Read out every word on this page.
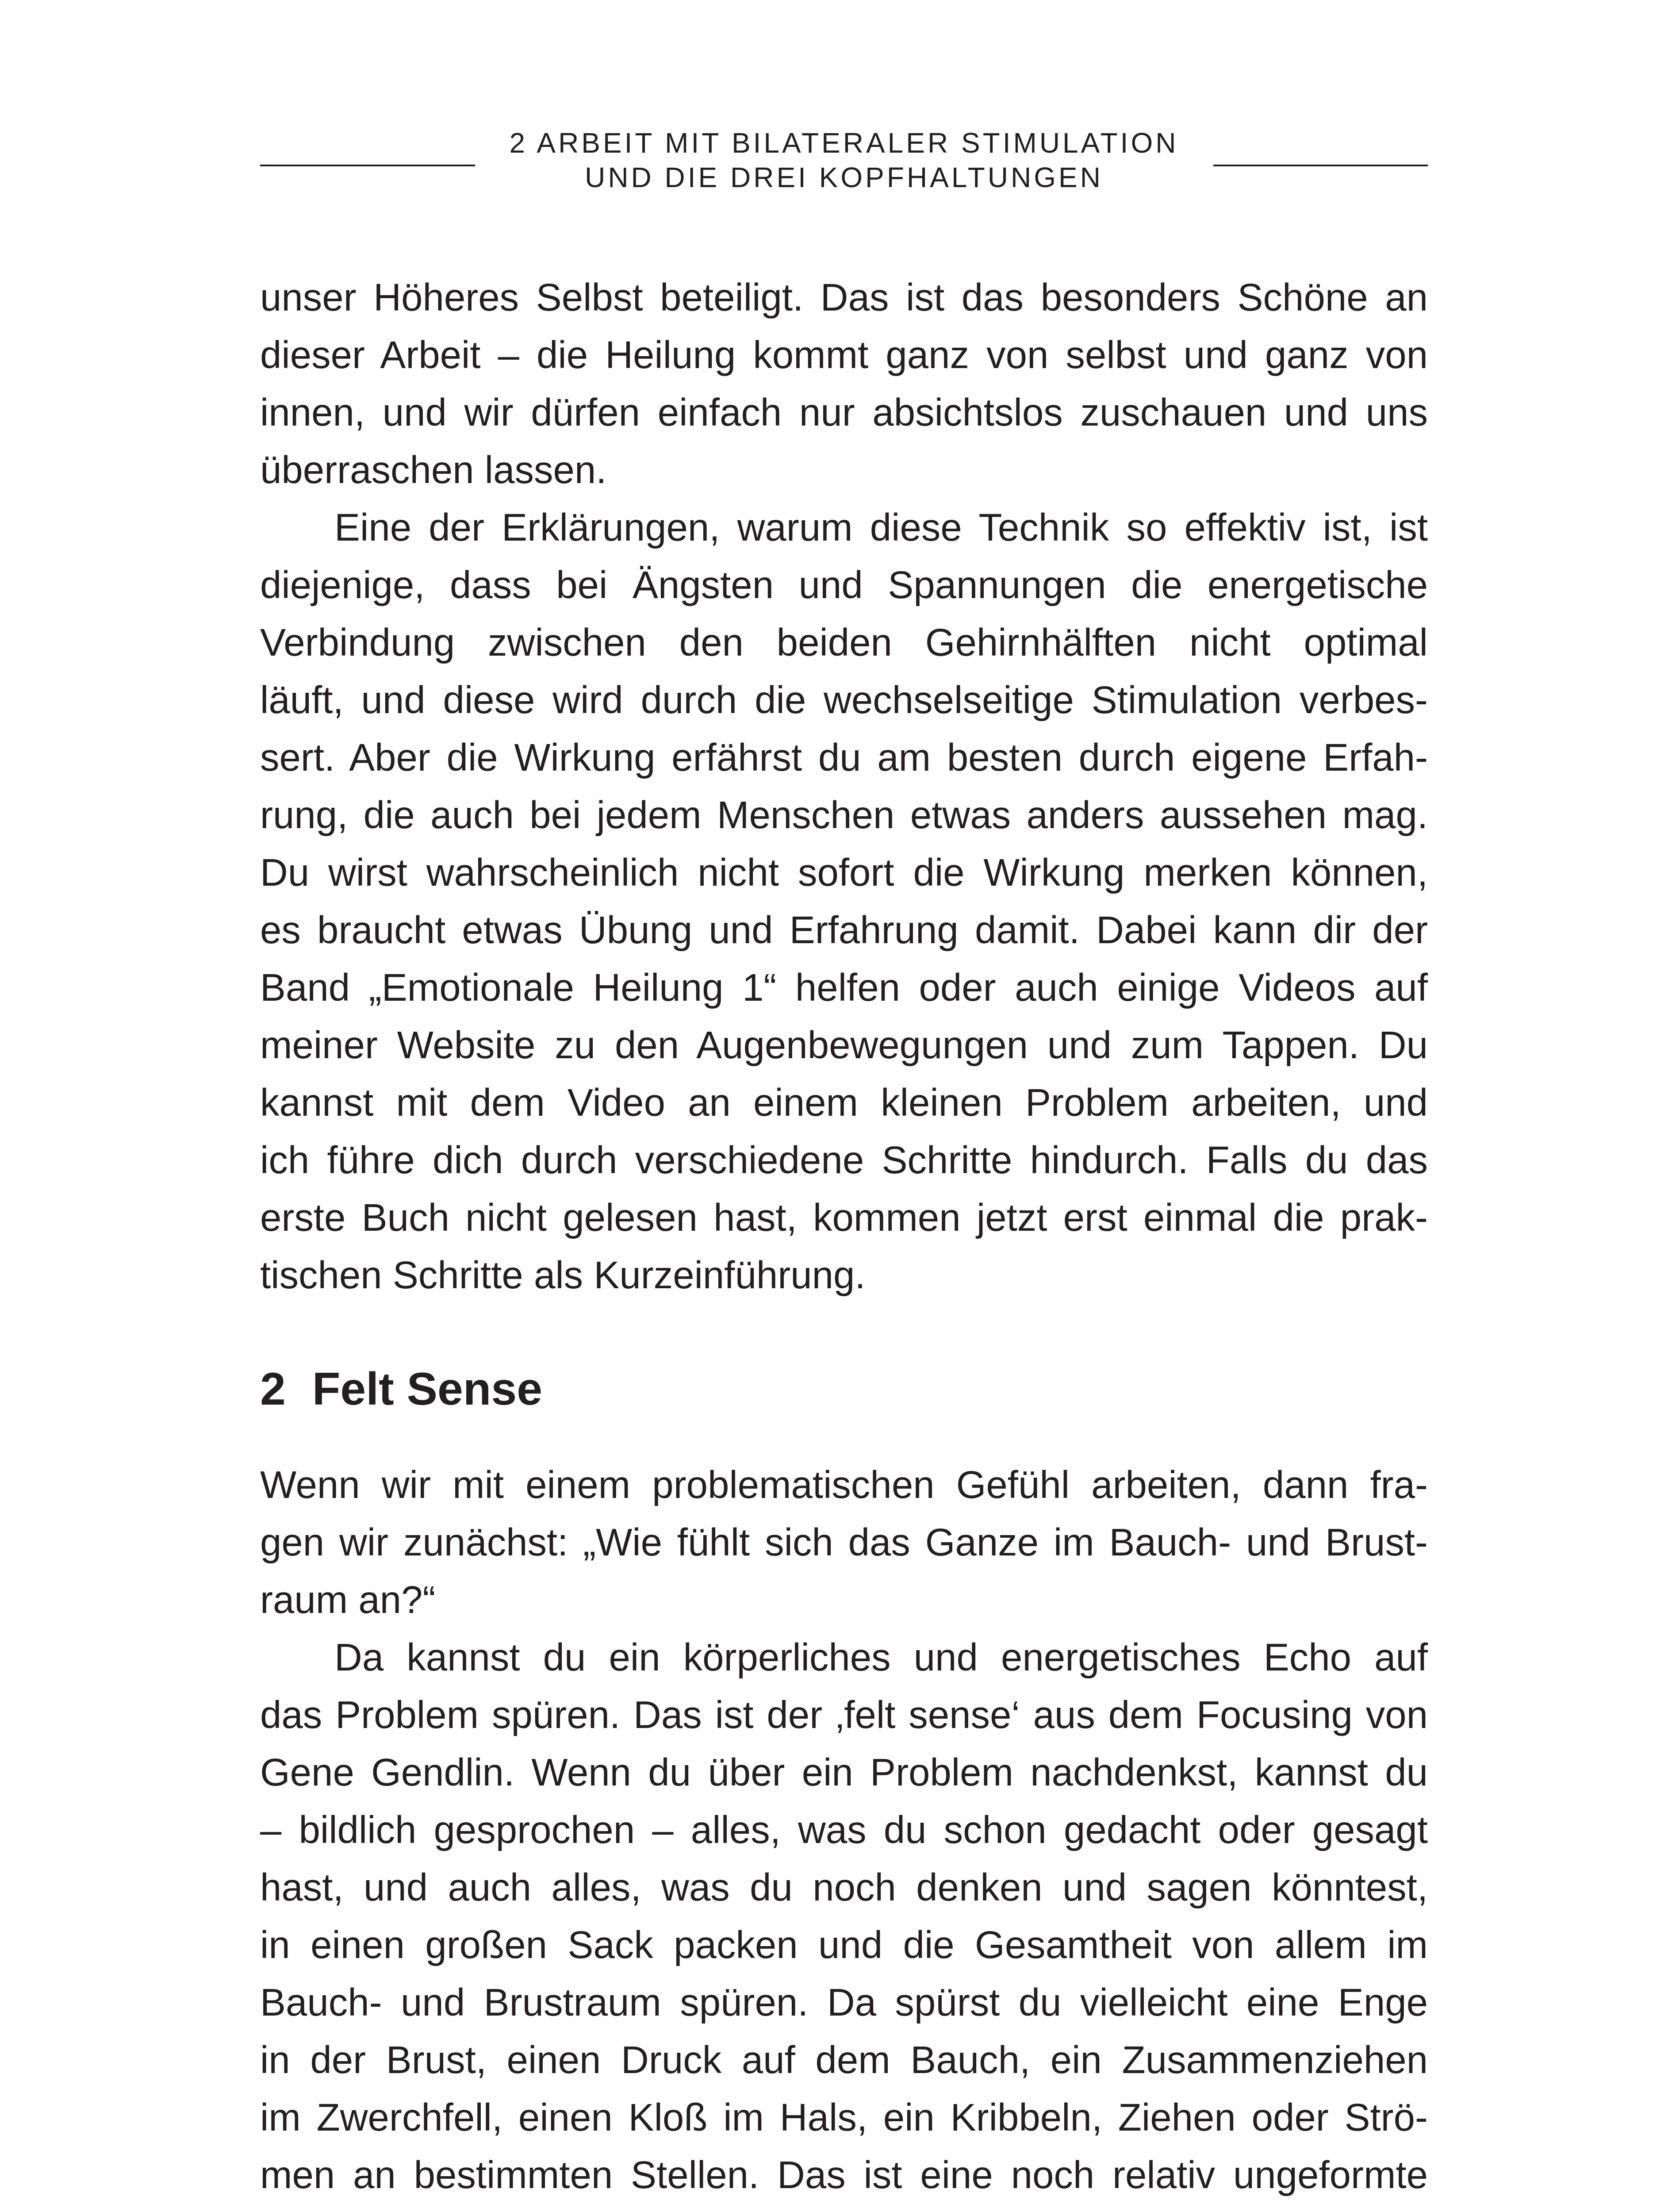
2 ARBEIT MIT BILATERALER STIMULATION
UND DIE DREI KOPFHALTUNGEN
unser Höheres Selbst beteiligt. Das ist das besonders Schöne an
dieser Arbeit – die Heilung kommt ganz von selbst und ganz von
innen, und wir dürfen einfach nur absichtslos zuschauen und uns
überraschen lassen.
Eine der Erklärungen, warum diese Technik so effektiv ist, ist
diejenige, dass bei Ängsten und Spannungen die energetische
Verbindung zwischen den beiden Gehirnhälften nicht optimal
läuft, und diese wird durch die wechselseitige Stimulation verbes-
sert. Aber die Wirkung erfährst du am besten durch eigene Erfah-
rung, die auch bei jedem Menschen etwas anders aussehen mag.
Du wirst wahrscheinlich nicht sofort die Wirkung merken können,
es braucht etwas Übung und Erfahrung damit. Dabei kann dir der
Band „Emotionale Heilung 1“ helfen oder auch einige Videos auf
meiner Website zu den Augenbewegungen und zum Tappen. Du
kannst mit dem Video an einem kleinen Problem arbeiten, und
ich führe dich durch verschiedene Schritte hindurch. Falls du das
erste Buch nicht gelesen hast, kommen jetzt erst einmal die prak-
tischen Schritte als Kurzeinführung.
2 Felt Sense
Wenn wir mit einem problematischen Gefühl arbeiten, dann fra-
gen wir zunächst: „Wie fühlt sich das Ganze im Bauch- und Brust-
raum an?“
Da kannst du ein körperliches und energetisches Echo auf
das Problem spüren. Das ist der ‚felt sense‘ aus dem Focusing von
Gene Gendlin. Wenn du über ein Problem nachdenkst, kannst du
– bildlich gesprochen – alles, was du schon gedacht oder gesagt
hast, und auch alles, was du noch denken und sagen könntest,
in einen großen Sack packen und die Gesamtheit von allem im
Bauch- und Brustraum spüren. Da spürst du vielleicht eine Enge
in der Brust, einen Druck auf dem Bauch, ein Zusammenziehen
im Zwerchfell, einen Kloß im Hals, ein Kribbeln, Ziehen oder Strö-
men an bestimmten Stellen. Das ist eine noch relativ ungeformte
